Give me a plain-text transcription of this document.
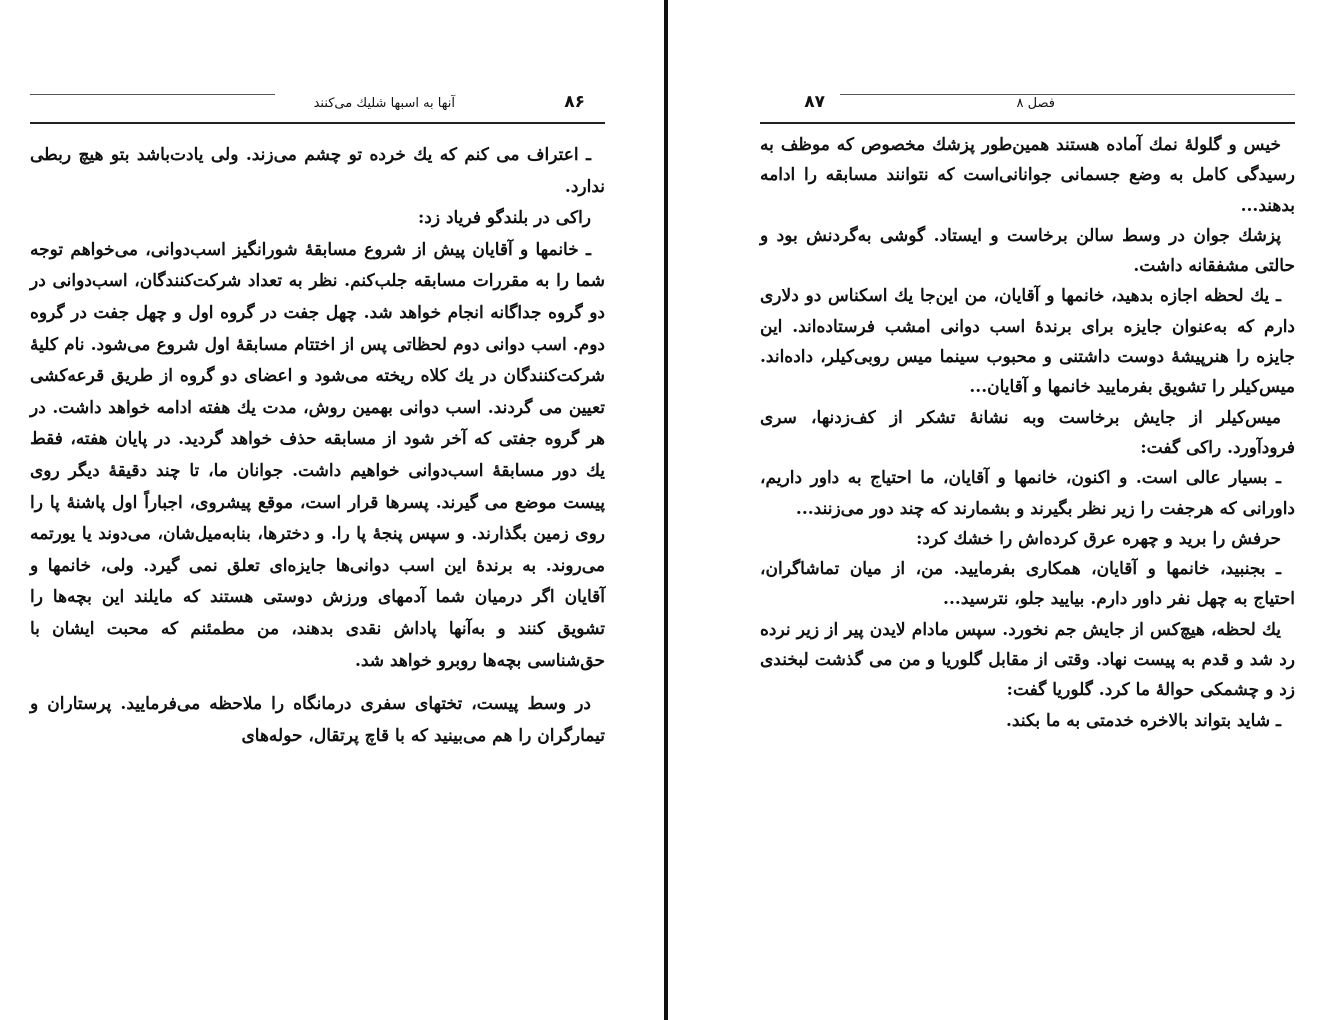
۸۶
آنها به اسبها شلیك می‌کنند

ـ اعتراف می کنم که یك خرده تو چشم می‌زند. ولی یادت‌باشد بتو هیچ ربطی ندارد.

راکی در بلندگو فریاد زد:

ـ خانمها و آقایان پیش از شروع مسابقهٔ شورانگیز اسب‌دوانی، می‌خواهم توجه شما را به مقررات مسابقه جلب‌کنم. نظر به تعداد شرکت‌کنندگان، اسب‌دوانی در دو گروه جداگانه انجام خواهد شد. چهل جفت در گروه اول و چهل جفت در گروه دوم. اسب دوانی دوم لحظاتی پس از اختتام مسابقهٔ اول شروع می‌شود. نام کلیهٔ شرکت‌کنندگان در یك کلاه ریخته می‌شود و اعضای دو گروه از طریق قرعه‌کشی تعیین می گردند. اسب دوانی بهمین روش، مدت یك هفته ادامه خواهد داشت. در هر گروه جفتی که آخر شود از مسابقه حذف خواهد گردید. در پایان هفته، فقط یك دور مسابقهٔ اسب‌دوانی خواهیم داشت. جوانان ما، تا چند دقیقهٔ دیگر روی پیست موضع می گیرند. پسرها قرار است، موقع پیشروی، اجباراً اول پاشنهٔ پا را روی زمین بگذارند. و سپس پنجهٔ پا را. و دخترها، بنابه‌میل‌شان، می‌دوند یا یورتمه می‌روند. به برندهٔ این اسب دوانی‌ها جایزه‌ای تعلق نمی گیرد. ولی، خانمها و آقایان اگر درمیان شما آدمهای ورزش دوستی هستند که مایلند این بچه‌ها را تشویق کنند و به‌آنها پاداش نقدی بدهند، من مطمئنم که محبت ایشان با حق‌شناسی بچه‌ها روبرو خواهد شد.

در وسط پیست، تختهای سفری درمانگاه را ملاحظه می‌فرمایید. پرستاران و تیمارگران را هم می‌بینید که با قاچ پرتقال، حوله‌های

۸۷	فصل ۸

خیس و گلولهٔ نمك آماده هستند همین‌طور پزشك مخصوص که موظف به رسیدگی کامل به وضع جسمانی جوانانی‌است که نتوانند مسابقه را ادامه بدهند...

پزشك جوان در وسط سالن برخاست و ایستاد. گوشی به‌گردنش بود و حالتی مشفقانه داشت.

ـ یك لحظه اجازه بدهید، خانمها و آقایان، من این‌جا یك اسکناس دو دلاری دارم که به‌عنوان جایزه برای برندهٔ اسب دوانی امشب فرستاده‌اند. این جایزه را هنرپیشهٔ دوست داشتنی و محبوب سینما میس روبی‌کیلر، داده‌اند. میس‌کیلر را تشویق بفرمایید خانمها و آقایان...

میس‌کیلر از جایش برخاست وبه نشانهٔ تشکر از کف‌زدنها، سری فرودآورد. راکی گفت:

ـ بسیار عالی است. و اکنون، خانمها و آقایان، ما احتیاج به داور داریم، داورانی که هرجفت را زیر نظر بگیرند و بشمارند که چند دور می‌زنند...

حرفش را برید و چهره عرق کرده‌اش را خشك کرد:

ـ بجنبید، خانمها و آقایان، همکاری بفرمایید. من، از میان تماشاگران، احتیاج به چهل نفر داور دارم. بیایید جلو، نترسید...

یك لحظه، هیچ‌کس از جایش جم نخورد. سپس مادام لایدن پیر از زیر نرده رد شد و قدم به پیست نهاد. وقتی از مقابل گلوریا و من می گذشت لبخندی زد و چشمکی حوالهٔ ما کرد. گلوریا گفت:

ـ شاید بتواند بالاخره خدمتی به ما بکند.
